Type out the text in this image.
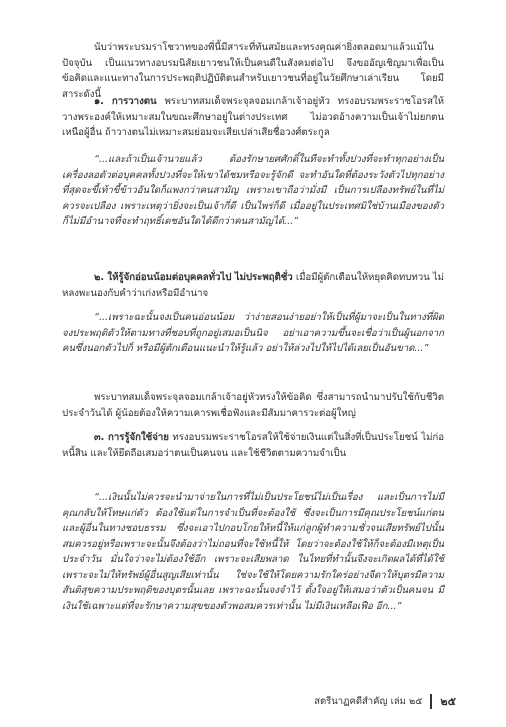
นับว่าพระบรมราโชวาทของพี่นี้มีสาระที่ทันสมัยและทรงคุณค่ายิ่งตลอดมาแล้วแม้ในปัจจุบัน เป็นแนวทางอบรมนิสัยเยาวชนให้เป็นคนดีในสังคมต่อไป จึงขออัญเชิญมาเพื่อเป็นข้อคิดและแนะทางในการประพฤติปฏิบัติตนสำหรับเยาวชนที่อยู่ในวัยศึกษาเล่าเรียน โดยมีสาระดังนี้

๑. การวางตน พระบาทสมเด็จพระจุลจอมเกล้าเจ้าอยู่หัว ทรงอบรมพระราชโอรสให้วางพระองค์ให้เหมาะสมในขณะศึกษาอยู่ในต่างประเทศ ไม่อวดอ้างความเป็นเจ้าไม่ยกตน เหนือผู้อื่น ถ้าวางตนไม่เหมาะสมย่อมจะเสียเปล่าเสียชื่อวงศ์ตระกูล

“...และถ้าเป็นเจ้านายแล้ว ต้องรักษายศศักดิ์ในทีจะทำทั้งปวงที่จะทำทุกอย่างเป็นเครื่องลอตัวต่อบุคคลทั้งปวงที่จะให้เขาได้ชมหรือจะรู้จักดี จะทำอันใดที่ต้องระวังตัวไปทุกอย่าง ที่สุดจะขี้เท้าขี้ข้าวอันใดก็แพงกว่าคนสามัญ เพราะเขาถือว่ามั่งมี เป็นการเปลืองทรัพย์ในที่ไม่ควรจะเปลือง เพราะเหตุว่ายิ่งจะเป็นเจ้ากี่ดี เป็นไพร่ก็ดี เมื่ออยู่ในประเทศมิใช่บ้านเมืองของตัว ก็ไม่มีอำนาจที่จะทำฤทธิ์เดชอันใดได้ดีกว่าคนสามัญได้...”

๒. ให้รู้จักอ่อนน้อมต่อบุคคลทั่วไป ไม่ประพฤติชั่ว เมื่อมีผู้ตักเตือนให้หยุดคิดทบทวน ไม่หลงพะนองกับคำว่าเก่งหรือมีอำนาจ

“...เพราะฉะนั้นจงเป็นคนอ่อนน้อม ว่าง่ายสอนง่ายอย่าให้เป็นที่ผู้มาจะเป็นในทางที่ผิด จงประพฤติตัวให้ตามทางที่ชอบที่ถูกอยู่เสมอเป็นนิจ อย่าเอาความขึ้นจะเชื่อว่าเป็นผู้นอกจากคนซึ่งนอกตัวไปก็ หรือมีผู้ตักเตือนแนะนำให้รู้แล้ว อย่าให้ล่วงไปให้ไปได้เลยเป็นอันขาด...”

พระบาทสมเด็จพระจุลจอมเกล้าเจ้าอยู่หัวทรงให้ข้อคิด ซึ่งสามารถนำมาปรับใช้กับชีวิตประจำวันได้ ผู้น้อยต้องให้ความเคารพเชื่อฟังและมีสัมมาคารวะต่อผู้ใหญ่

๓. การรู้จักใช้จ่าย ทรงอบรมพระราชโอรสให้ใช้จ่ายเงินแต่ในสิ่งที่เป็นประโยชน์ ไม่ก่อหนี้สิน และให้ยึดถือเสมอว่าตนเป็นคนจน และใช้ชีวิตตามความจำเป็น

“...เงินนั้นไม่ควรจะนำมาจ่ายในการที่ไม่เป็นประโยชน์ไม่เป็นเรื่อง และเป็นการไม่มีคุณกลับให้โทษแก่ตัว ต้องใช้แต่ในการจำเป็นที่จะต้องใช้ ซึ่งจะเป็นการมีคุณประโยชน์แก่ตนและผู้อื่นในทางชอบธรรม ซึ่งจะเอาไปกอบโกยให้หนี้ให้แก่ลูกผู้ทำความชั่วจนเสียทรัพย์ไปนั้นสมควรอยู่หรือเพราะจะนั้นจึงต้องว่าไม่ถอนที่จะใช้หนี้ให้ โดยว่าจะต้องใช้ให้ก็จะต้องมีเหตุเป็นประจำวัน มั่นใจว่าจะไม่ต้องใช้อีก เพราะจะเสียพลาด ในไทยที่ทำนั้นจึงจะเกิดผลได้ที่ได้ใช้เพราะจะไม่ให้ทรัพย์ผู้อื่นสูญเสียเท่านั้น ใช่จะใช้ให้โดยความรักใคร่อย่างจีดาให้บุตรมีความสันติสุขความประพฤติของบุตรนั้นเลย เพราะฉะนั้นจงจำไว้ ตั้งใจอยู่ให้เสมอว่าตัวเป็นคนจน มีเงินใช้เฉพาะแต่ที่จะรักษาความสุขของตัวพอสมควรเท่านั้น ไม่มีเงินเหลือเฟือ อีก...”

สตรีนาฏคดีสำคัญ เล่ม ๒๕ ๒๕
